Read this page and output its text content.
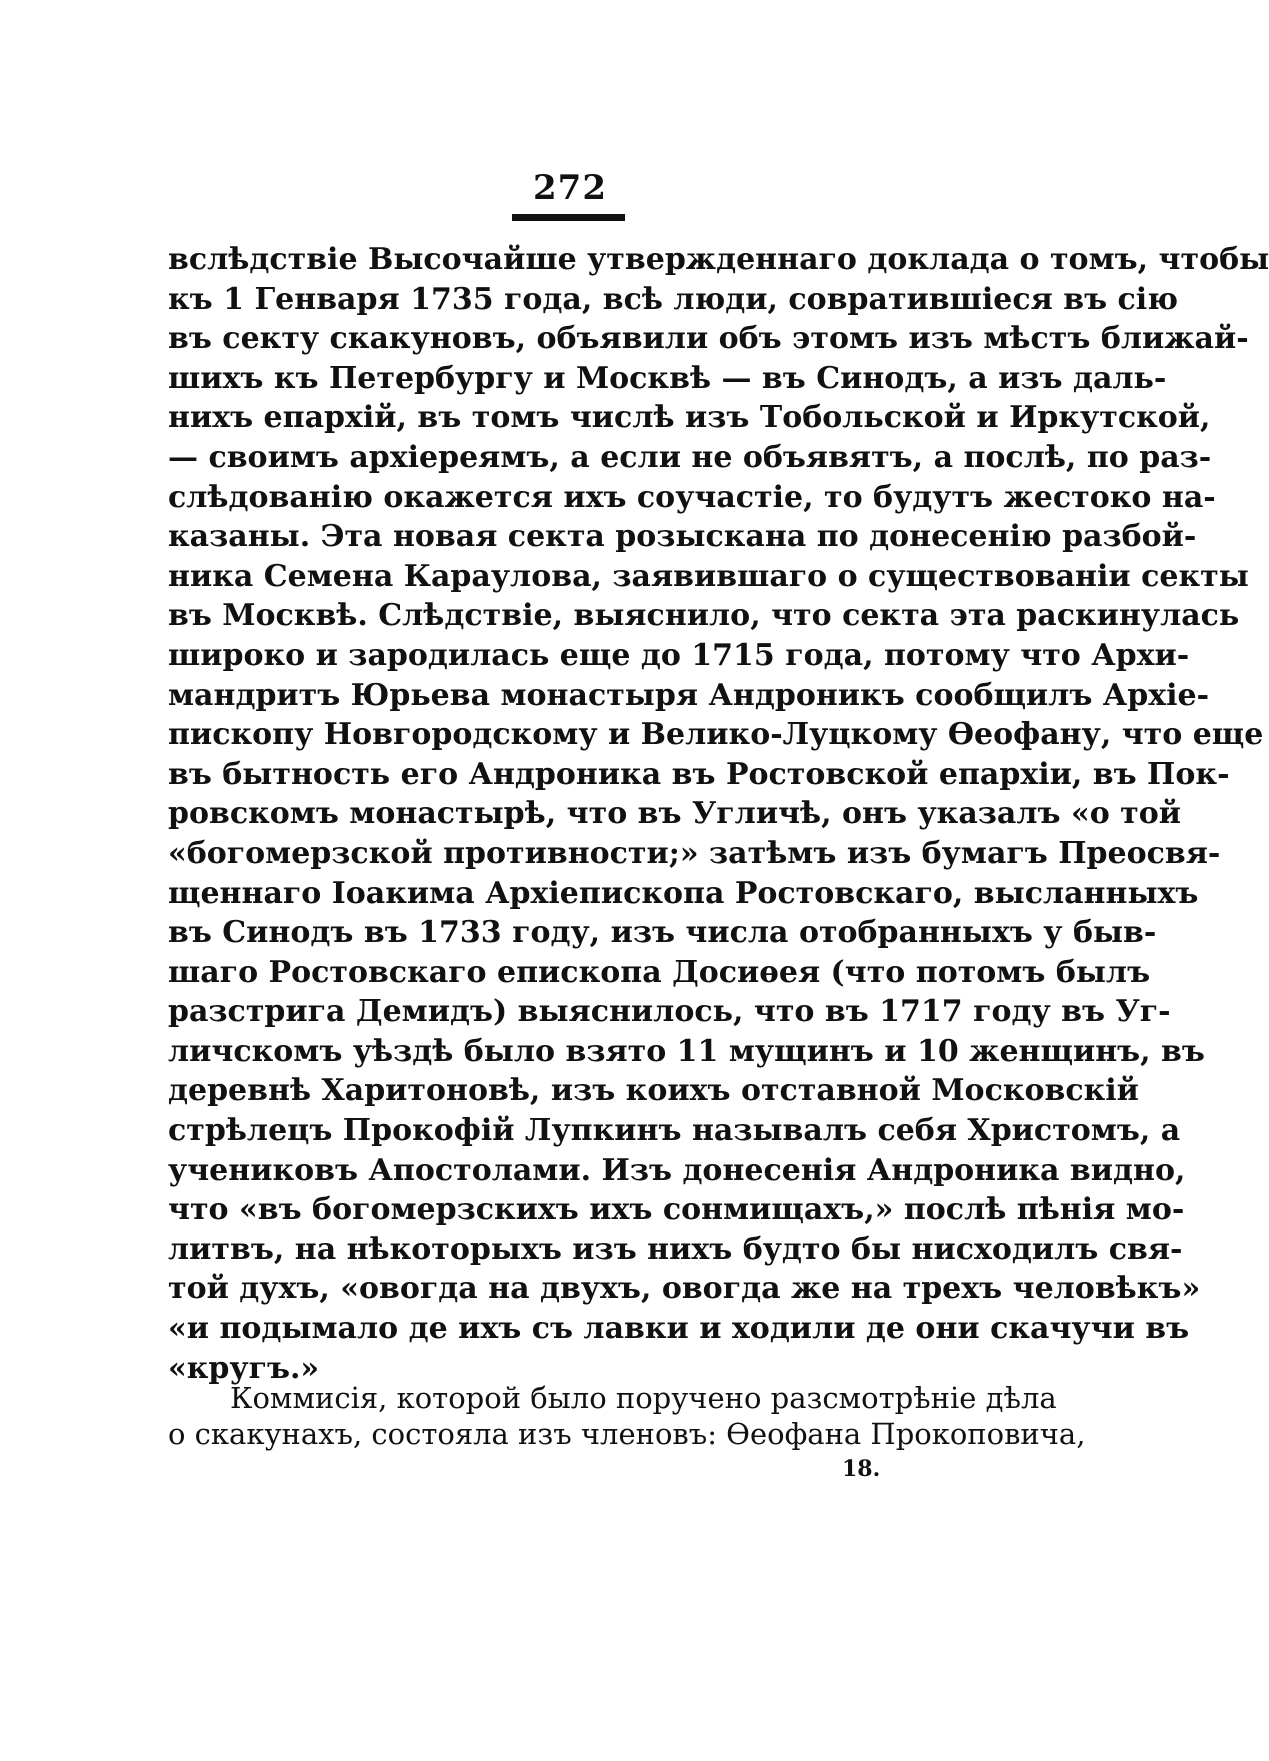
272
вслѣдствіе Высочайше утвержденнаго доклада о томъ, чтобы
къ 1 Генваря 1735 года, всѣ люди, совратившіеся въ сію
въ секту скакуновъ, объявили объ этомъ изъ мѣстъ ближай-
шихъ къ Петербургу и Москвѣ — въ Синодъ, а изъ даль-
нихъ епархій, въ томъ числѣ изъ Тобольской и Иркутской,
— своимъ архіереямъ, а если не объявятъ, а послѣ, по раз-
слѣдованію окажется ихъ соучастіе, то будутъ жестоко на-
казаны. Эта новая секта розыскана по донесенію разбой-
ника Семена Караулова, заявившаго о существованіи секты
въ Москвѣ. Слѣдствіе, выяснило, что секта эта раскинулась
широко и зародилась еще до 1715 года, потому что Архи-
мандритъ Юрьева монастыря Андроникъ сообщилъ Архіе-
пископу Новгородскому и Велико-Луцкому Ѳеофану, что еще
въ бытность его Андроника въ Ростовской епархіи, въ Пок-
ровскомъ монастырѣ, что въ Угличѣ, онъ указалъ «о той
«богомерзской противности;» затѣмъ изъ бумагъ Преосвя-
щеннаго Іоакима Архіепископа Ростовскаго, высланныхъ
въ Синодъ въ 1733 году, изъ числа отобранныхъ у быв-
шаго Ростовскаго епископа Досиѳея (что потомъ былъ
разстрига Демидъ) выяснилось, что въ 1717 году въ Уг-
личскомъ уѣздѣ было взято 11 мущинъ и 10 женщинъ, въ
деревнѣ Харитоновѣ, изъ коихъ отставной Московскій
стрѣлецъ Прокофій Лупкинъ называлъ себя Христомъ, а
учениковъ Апостолами. Изъ донесенія Андроника видно,
что «въ богомерзскихъ ихъ сонмищахъ,» послѣ пѣнія мо-
литвъ, на нѣкоторыхъ изъ нихъ будто бы нисходилъ свя-
той духъ, «овогда на двухъ, овогда же на трехъ человѣкъ»
«и подымало де ихъ съ лавки и ходили де они скачучи въ
«кругъ.»
Коммисія, которой было поручено разсмотрѣніе дѣла
о скакунахъ, состояла изъ членовъ: Ѳеофана Прокоповича,
18.
